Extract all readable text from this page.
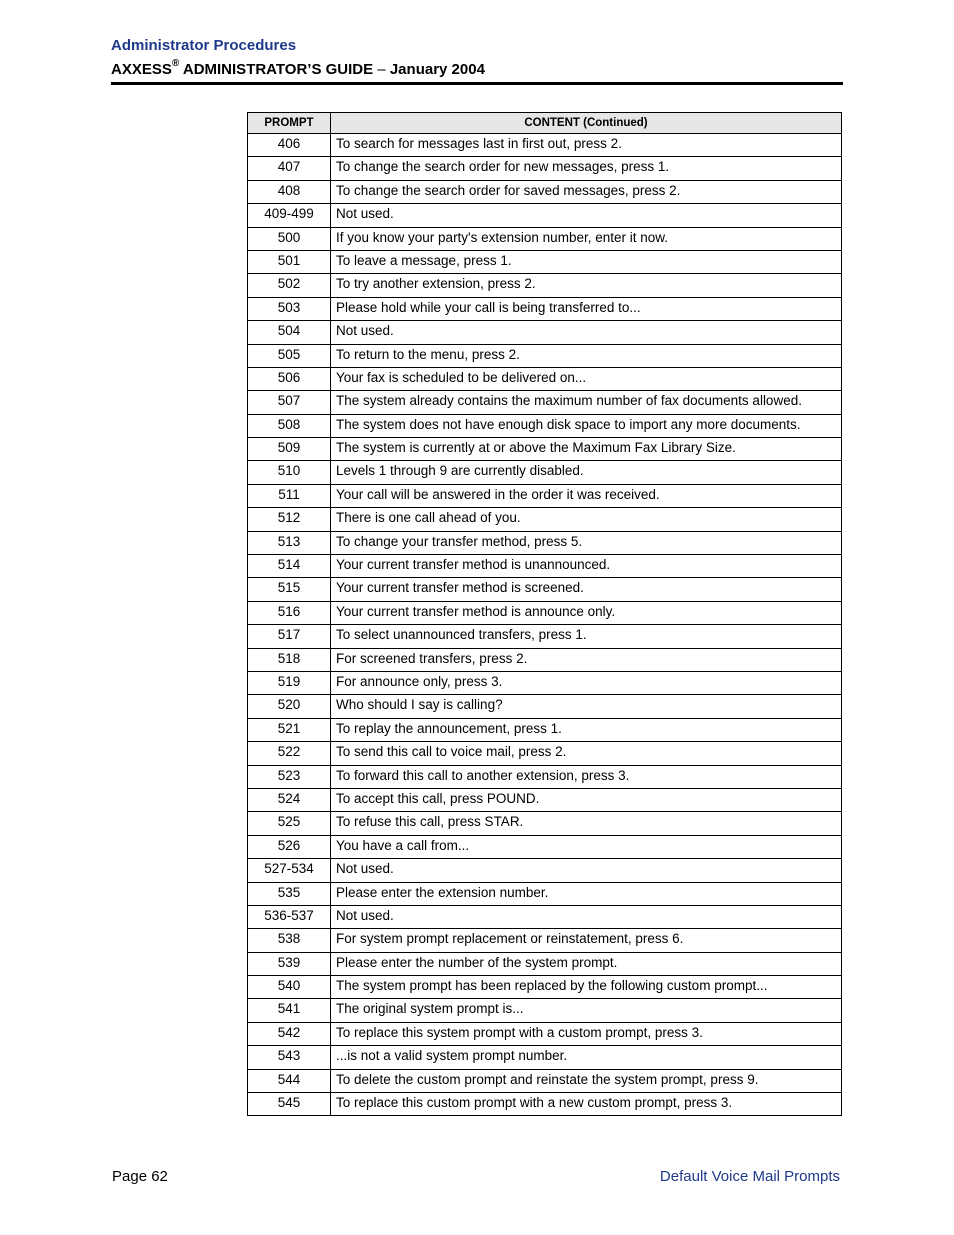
Administrator Procedures
AXXESS® ADMINISTRATOR’S GUIDE – January 2004
PROMPT	CONTENT (Continued)
406	To search for messages last in first out, press 2.
407	To change the search order for new messages, press 1.
408	To change the search order for saved messages, press 2.
409-499	Not used.
500	If you know your party's extension number, enter it now.
501	To leave a message, press 1.
502	To try another extension, press 2.
503	Please hold while your call is being transferred to...
504	Not used.
505	To return to the menu, press 2.
506	Your fax is scheduled to be delivered on...
507	The system already contains the maximum number of fax documents allowed.
508	The system does not have enough disk space to import any more documents.
509	The system is currently at or above the Maximum Fax Library Size.
510	Levels 1 through 9 are currently disabled.
511	Your call will be answered in the order it was received.
512	There is one call ahead of you.
513	To change your transfer method, press 5.
514	Your current transfer method is unannounced.
515	Your current transfer method is screened.
516	Your current transfer method is announce only.
517	To select unannounced transfers, press 1.
518	For screened transfers, press 2.
519	For announce only, press 3.
520	Who should I say is calling?
521	To replay the announcement, press 1.
522	To send this call to voice mail, press 2.
523	To forward this call to another extension, press 3.
524	To accept this call, press POUND.
525	To refuse this call, press STAR.
526	You have a call from...
527-534	Not used.
535	Please enter the extension number.
536-537	Not used.
538	For system prompt replacement or reinstatement, press 6.
539	Please enter the number of the system prompt.
540	The system prompt has been replaced by the following custom prompt...
541	The original system prompt is...
542	To replace this system prompt with a custom prompt, press 3.
543	...is not a valid system prompt number.
544	To delete the custom prompt and reinstate the system prompt, press 9.
545	To replace this custom prompt with a new custom prompt, press 3.
Page 62	Default Voice Mail Prompts
